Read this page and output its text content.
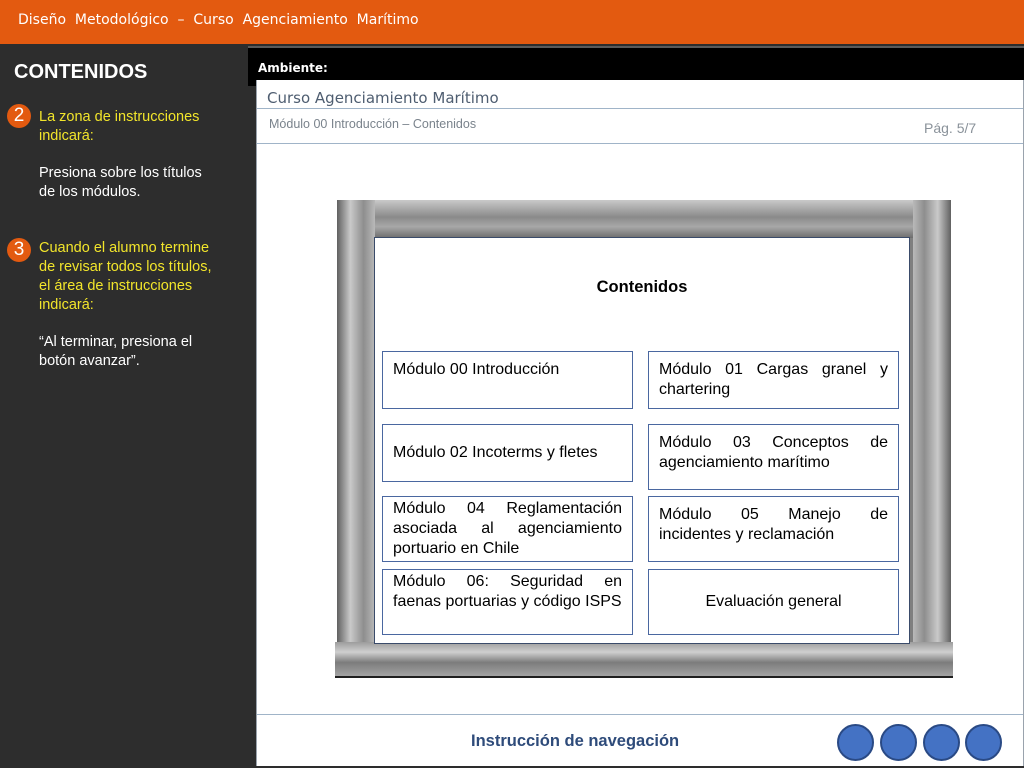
Diseño  Metodológico  –  Curso  Agenciamiento  Marítimo
CONTENIDOS
2	La zona de instrucciones indicará:
Presiona sobre los títulos de los módulos.
3	Cuando el alumno termine de revisar todos los títulos, el área de instrucciones indicará:
“Al terminar, presiona el botón avanzar”.
Ambiente:
Curso Agenciamiento Marítimo
Módulo 00 Introducción – Contenidos	Pág. 5/7
Contenidos
Módulo 00 Introducción	Módulo 01 Cargas granel y chartering
Módulo 02 Incoterms y fletes
Módulo 03 Conceptos de agenciamiento marítimo
Módulo 04 Reglamentación asociada al agenciamiento portuario en Chile
Módulo 05 Manejo de incidentes y reclamación
Módulo 06: Seguridad en faenas portuarias y código ISPS	Evaluación general
Instrucción de navegación
